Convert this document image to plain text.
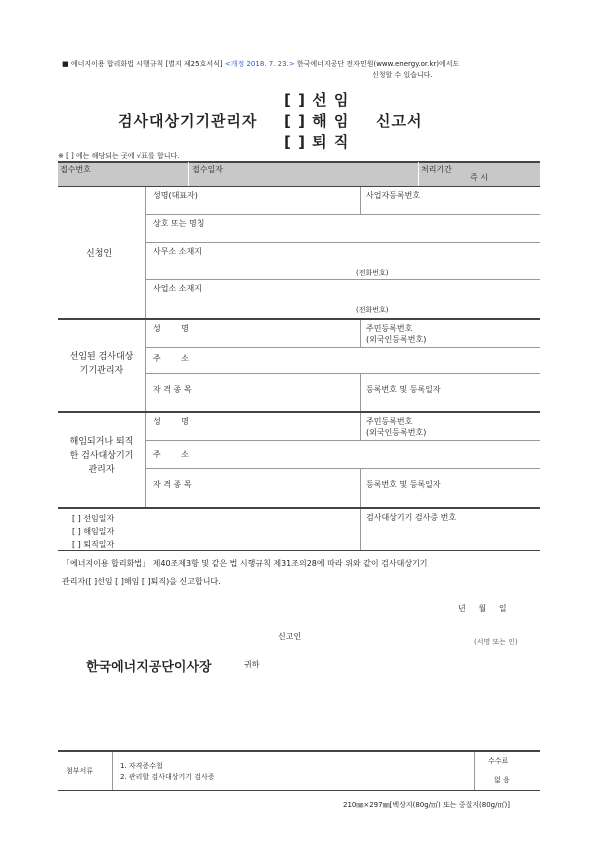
■ 에너지이용 합리화법 시행규칙 [별지 제25호서식] <개정 2018. 7. 23.> 한국에너지공단 전자민원(www.energy.or.kr)에서도
신청할 수 있습니다.
[ ] 선 임
검사대상기기관리자 [ ] 해 임 신고서
[ ] 퇴 직
※ [ ] 에는 해당되는 곳에 √표를 합니다.
접수번호	접수일자	처리기간
즉 시
신청인
성명(대표자)	사업자등록번호
상호 또는 명칭
사무소 소재지
(전화번호)
사업소 소재지
(전화번호)
선임된 검사대상
기기관리자
성        명	주민등록번호
(외국인등록번호)
주        소
자 격 종 목	등록번호 및 등록일자
해임되거나 퇴직
한 검사대상기기
관리자
성        명	주민등록번호
(외국인등록번호)
주        소
자 격 종 목	등록번호 및 등록일자
[ ] 선임일자
[ ] 해임일자
[ ] 퇴직일자
검사대상기기 검사증 번호
「에너지이용 합리화법」 제40조제3항 및 같은 법 시행규칙 제31조의28에 따라 위와 같이 검사대상기기
관리자([ ]선임 [ ]해임 [ ]퇴직)을 신고합니다.
년     월     일
신고인
(서명 또는 인)
한국에너지공단이사장	귀하
첨부서류
1. 자격증수첩
2. 관리할 검사대상기기 검사증
수수료
없 음
210㎜×297㎜[백상지(80g/㎡) 또는 중질지(80g/㎡)]
